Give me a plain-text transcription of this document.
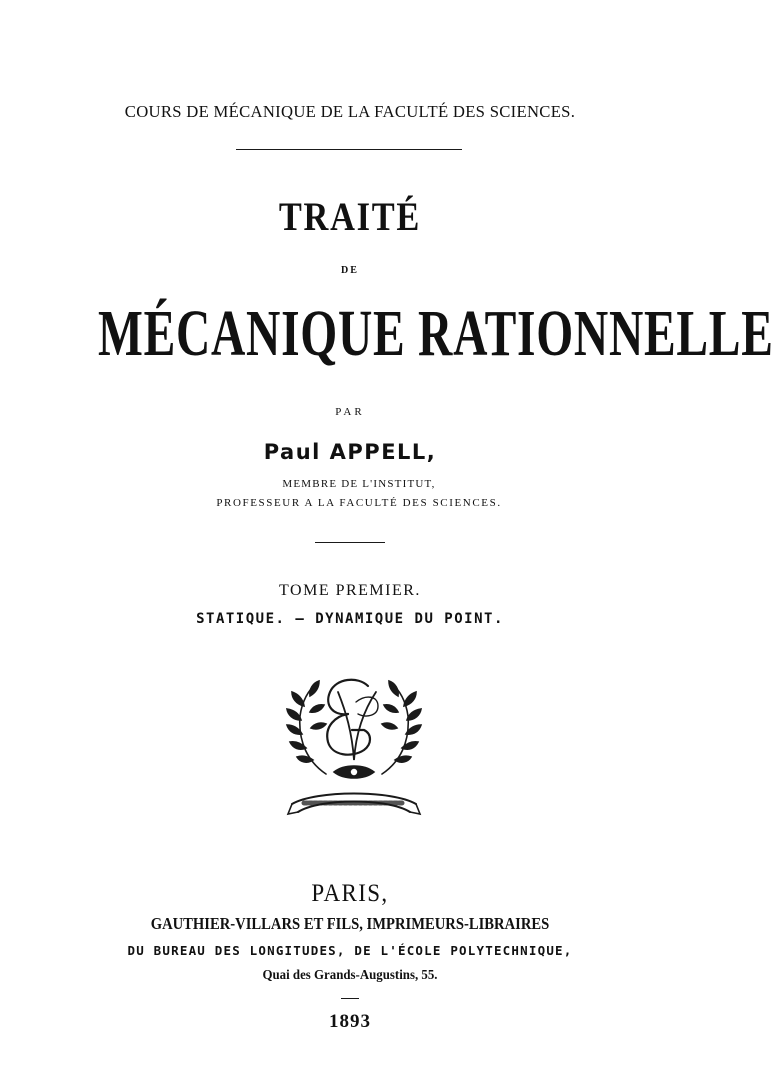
COURS DE MÉCANIQUE DE LA FACULTÉ DES SCIENCES.
TRAITÉ
DE
MÉCANIQUE RATIONNELLE
PAR
Paul APPELL,
MEMBRE DE L'INSTITUT,
PROFESSEUR A LA FACULTÉ DES SCIENCES.
TOME PREMIER.
STATIQUE. — DYNAMIQUE DU POINT.
PARIS,
GAUTHIER-VILLARS ET FILS, IMPRIMEURS-LIBRAIRES
DU BUREAU DES LONGITUDES, DE L'ÉCOLE POLYTECHNIQUE,
Quai des Grands-Augustins, 55.
1893
